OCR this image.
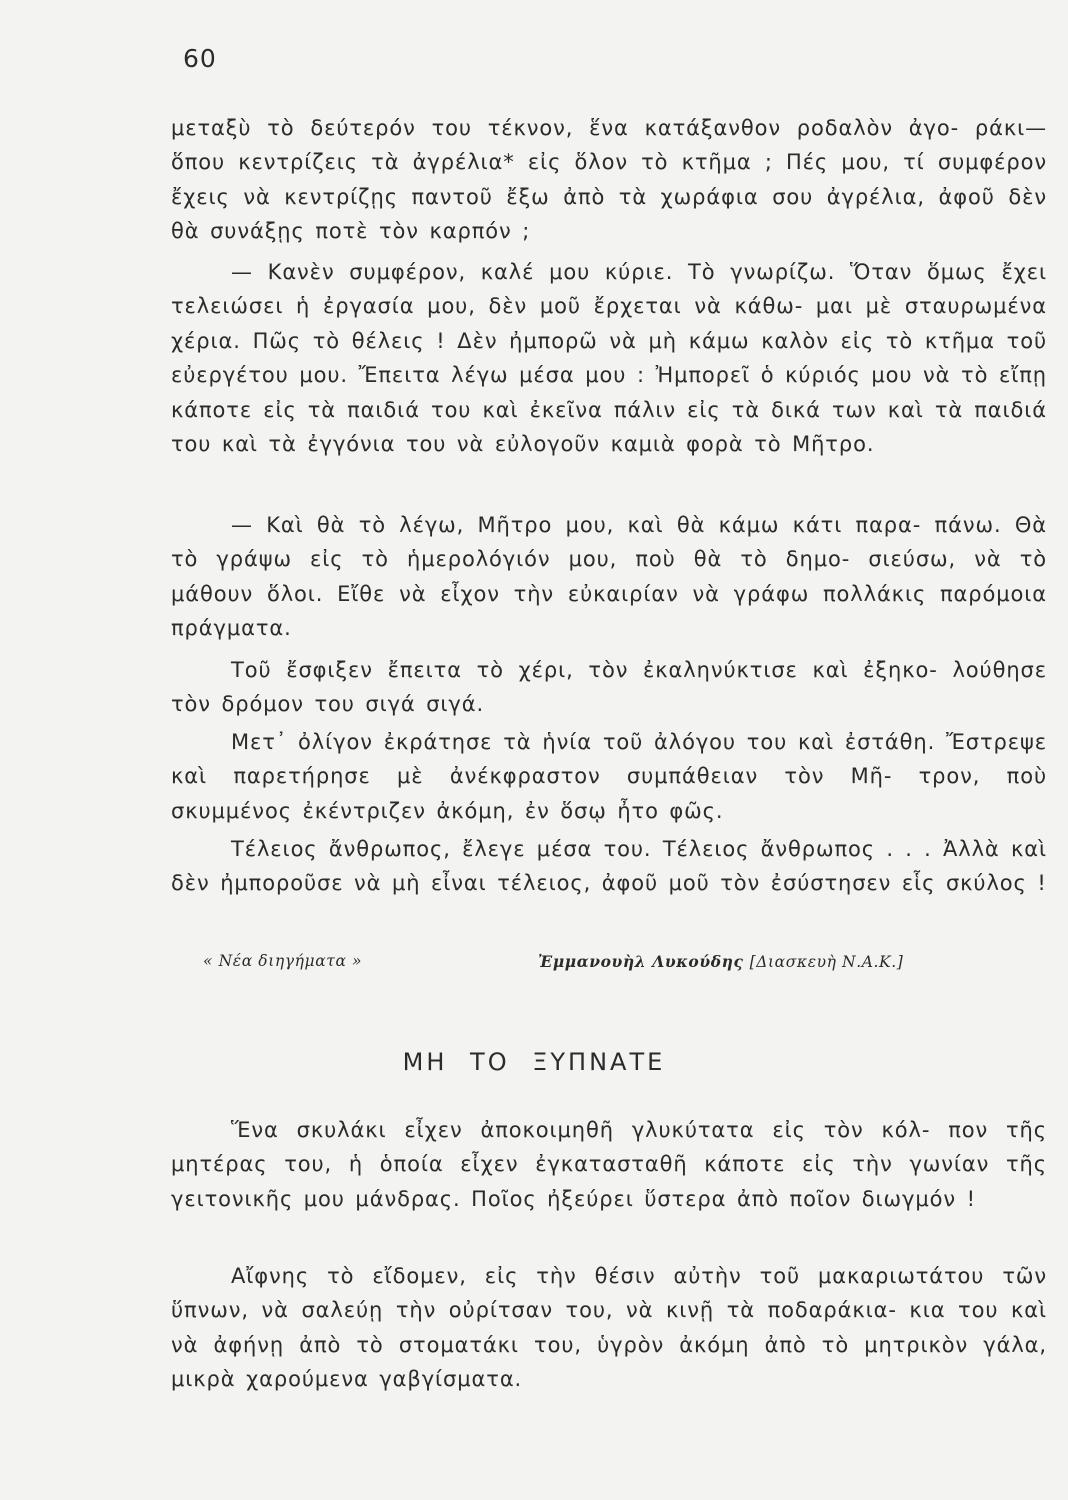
60
μεταξὺ τὸ δεύτερόν του τέκνον, ἕνα κατάξανθον ροδαλὸν ἀγο- ράκι—ὅπου κεντρίζεις τὰ ἀγρέλια* εἰς ὅλον τὸ κτῆμα ; Πές μου, τί συμφέρον ἔχεις νὰ κεντρίζῃς παντοῦ ἔξω ἀπὸ τὰ χωράφια σου ἀγρέλια, ἀφοῦ δὲν θὰ συνάξῃς ποτὲ τὸν καρπόν ;
— Κανὲν συμφέρον, καλέ μου κύριε. Τὸ γνωρίζω. Ὅταν ὅμως ἔχει τελειώσει ἡ ἐργασία μου, δὲν μοῦ ἔρχεται νὰ κάθω- μαι μὲ σταυρωμένα χέρια. Πῶς τὸ θέλεις ! Δὲν ἠμπορῶ νὰ μὴ κάμω καλὸν εἰς τὸ κτῆμα τοῦ εὐεργέτου μου. Ἔπειτα λέγω μέσα μου : Ἠμπορεῖ ὁ κύριός μου νὰ τὸ εἴπῃ κάποτε εἰς τὰ παιδιά του καὶ ἐκεῖνα πάλιν εἰς τὰ δικά των καὶ τὰ παιδιά του καὶ τὰ ἐγγόνια του νὰ εὐλογοῦν καμιὰ φορὰ τὸ Μῆτρο.
— Καὶ θὰ τὸ λέγω, Μῆτρο μου, καὶ θὰ κάμω κάτι παρα- πάνω. Θὰ τὸ γράψω εἰς τὸ ἡμερολόγιόν μου, ποὺ θὰ τὸ δημο- σιεύσω, νὰ τὸ μάθουν ὅλοι. Εἴθε νὰ εἶχον τὴν εὐκαιρίαν νὰ γράφω πολλάκις παρόμοια πράγματα.
Τοῦ ἔσφιξεν ἔπειτα τὸ χέρι, τὸν ἐκαληνύκτισε καὶ ἐξηκο- λούθησε τὸν δρόμον του σιγά σιγά.
Μετ᾽ ὀλίγον ἐκράτησε τὰ ἡνία τοῦ ἀλόγου του καὶ ἐστάθη. Ἔστρεψε καὶ παρετήρησε μὲ ἀνέκφραστον συμπάθειαν τὸν Μῆ- τρον, ποὺ σκυμμένος ἐκέντριζεν ἀκόμη, ἐν ὅσῳ ἦτο φῶς.
Τέλειος ἄνθρωπος, ἔλεγε μέσα του. Τέλειος ἄνθρωπος . . . Ἀλλὰ καὶ δὲν ἠμποροῦσε νὰ μὴ εἶναι τέλειος, ἀφοῦ μοῦ τὸν ἐσύστησεν εἷς σκύλος !
« Νέα διηγήματα »	Ἐμμανουὴλ Λυκούδης [Διασκευὴ Ν.Α.Κ.]
ΜΗ ΤΟ ΞΥΠΝΑΤΕ
Ἕνα σκυλάκι εἶχεν ἀποκοιμηθῆ γλυκύτατα εἰς τὸν κόλ- πον τῆς μητέρας του, ἡ ὁποία εἶχεν ἐγκατασταθῆ κάποτε εἰς τὴν γωνίαν τῆς γειτονικῆς μου μάνδρας. Ποῖος ἠξεύρει ὕστερα ἀπὸ ποῖον διωγμόν !
Αἴφνης τὸ εἴδομεν, εἰς τὴν θέσιν αὐτὴν τοῦ μακαριωτάτου τῶν ὕπνων, νὰ σαλεύῃ τὴν οὐρίτσαν του, νὰ κινῇ τὰ ποδαράκια- κια του καὶ νὰ ἀφήνῃ ἀπὸ τὸ στοματάκι του, ὑγρὸν ἀκόμη ἀπὸ τὸ μητρικὸν γάλα, μικρὰ χαρούμενα γαβγίσματα.
